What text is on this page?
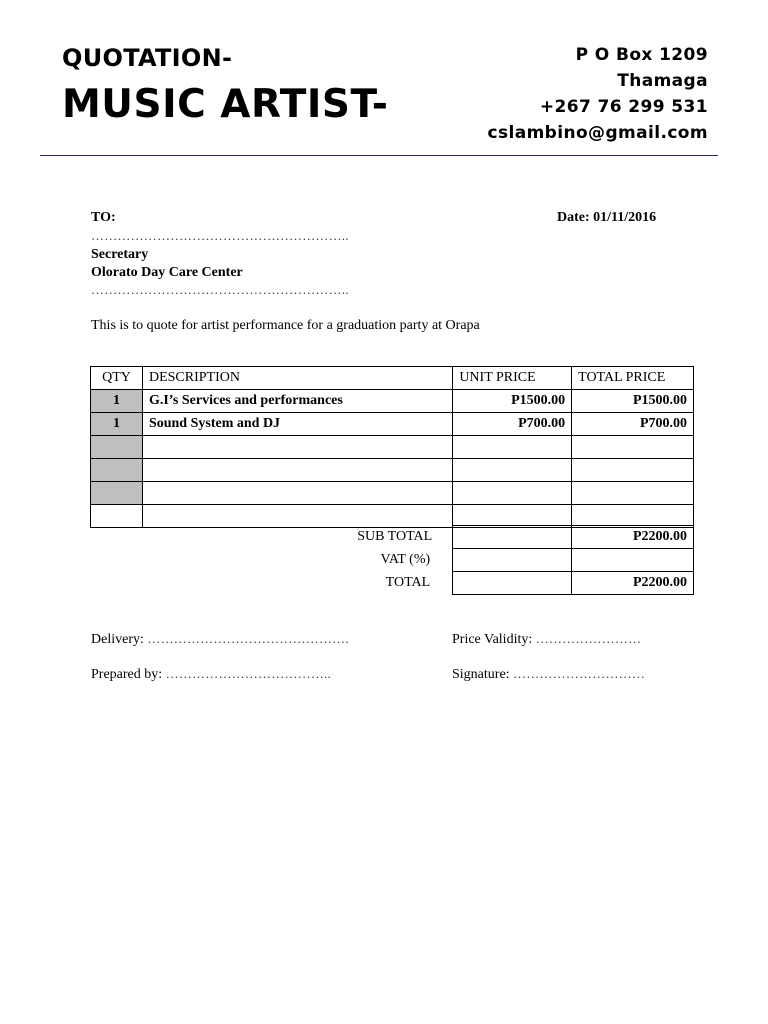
QUOTATION-
MUSIC ARTIST-
P O Box 1209
Thamaga
+267 76 299 531
cslambino@gmail.com
TO:	Date: 01/11/2016
…………………………………………………..
Secretary
Olorato Day Care Center
…………………………………………………..
This is to quote for artist performance for a graduation party at Orapa
QTY	DESCRIPTION	UNIT PRICE	TOTAL PRICE
1	G.I’s Services and performances	P1500.00	P1500.00
1	Sound System and DJ	P700.00	P700.00

SUB TOTAL		P2200.00
VAT (%)		
TOTAL		P2200.00
Delivery: ……………………………………….	Price Validity: ……………………
Prepared by: ………………………………..	Signature: …………………………
